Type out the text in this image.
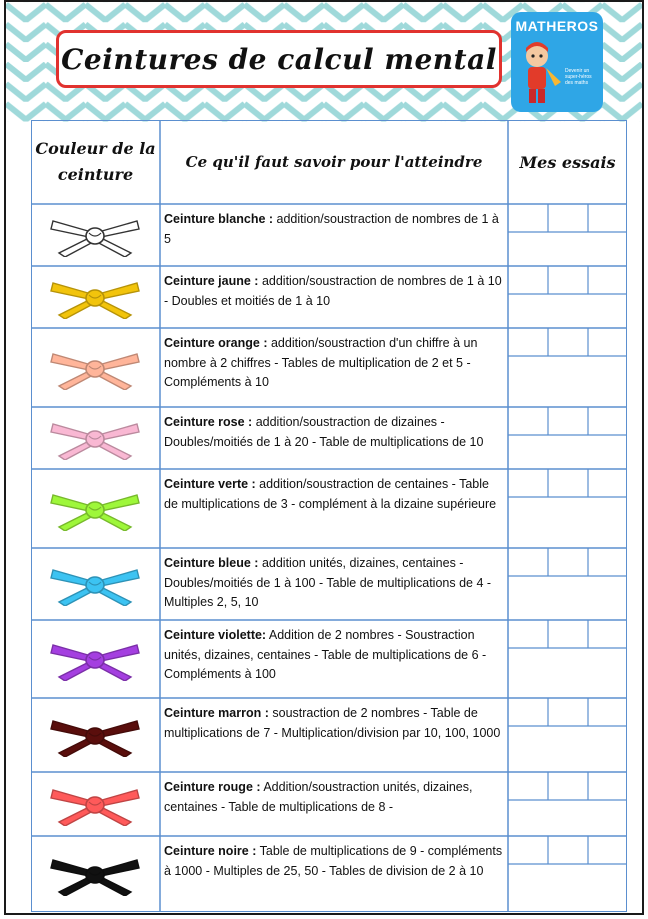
Ceintures de calcul mental
MATHEROS
Devenir un super-héros des maths
Couleur de la ceinture
Ce qu'il faut savoir pour l'atteindre	Mes essais
Ceinture blanche : addition/soustraction de nombres de 1 à 5
Ceinture jaune : addition/soustraction de nombres de 1 à 10 - Doubles et moitiés de 1 à 10
Ceinture orange : addition/soustraction d'un chiffre à un nombre à 2 chiffres - Tables de multiplication de 2 et 5 - Compléments à 10
Ceinture rose : addition/soustraction de dizaines - Doubles/moitiés de 1 à 20 - Table de multiplications de 10
Ceinture verte : addition/soustraction de centaines - Table de multiplications de 3 - complément à la dizaine supérieure
Ceinture bleue : addition unités, dizaines, centaines - Doubles/moitiés de 1 à 100 - Table de multiplications de 4 -Multiples 2, 5, 10
Ceinture violette: Addition de 2 nombres - Soustraction unités, dizaines, centaines - Table de multiplications de 6 - Compléments à 100
Ceinture marron : soustraction de 2 nombres - Table de multiplications de 7 - Multiplication/division par 10, 100, 1000
Ceinture rouge : Addition/soustraction unités, dizaines, centaines - Table de multiplications de 8 -
Ceinture noire : Table de multiplications de 9 - compléments à 1000 - Multiples de 25, 50 - Tables de division de 2 à 10
